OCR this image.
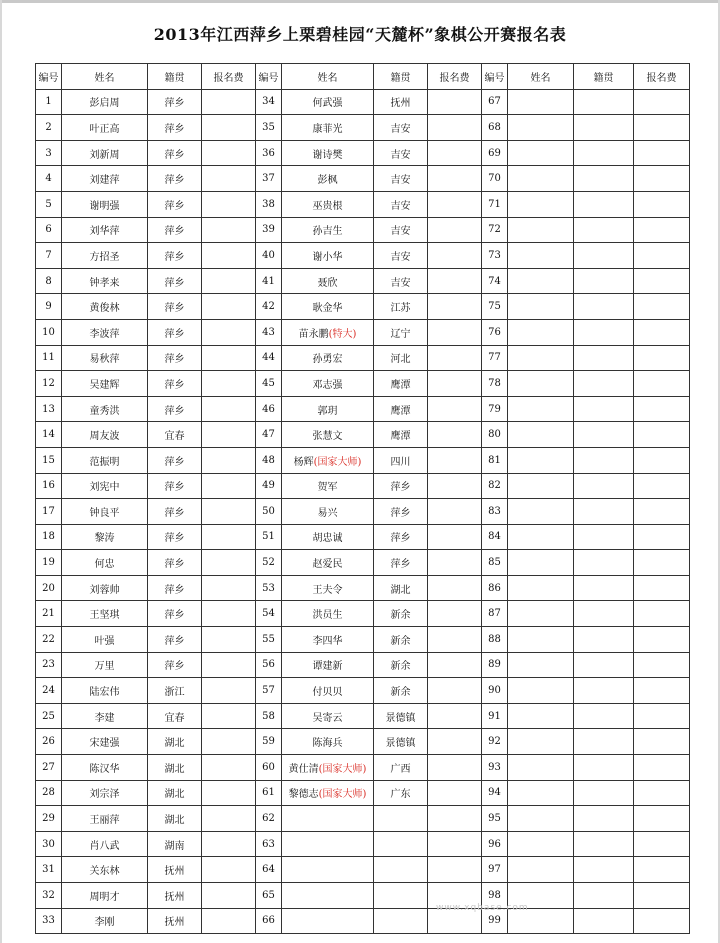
2013年江西萍乡上栗碧桂园“天麓杯”象棋公开赛报名表
编号	姓名	籍贯	报名费	编号	姓名	籍贯	报名费	编号	姓名	籍贯	报名费
1	彭启周	萍乡		34	何武强	抚州		67			
2	叶正高	萍乡		35	康菲光	吉安		68			
3	刘新周	萍乡		36	谢诗樊	吉安		69			
4	刘建萍	萍乡		37	彭枫	吉安		70			
5	谢明强	萍乡		38	巫贵根	吉安		71			
6	刘华萍	萍乡		39	孙吉生	吉安		72			
7	方招圣	萍乡		40	谢小华	吉安		73			
8	钟孝来	萍乡		41	聂欣	吉安		74			
9	黄俊林	萍乡		42	耿金华	江苏		75			
10	李波萍	萍乡		43	苗永鹏(特大)	辽宁		76			
11	易秋萍	萍乡		44	孙勇宏	河北		77			
12	吴建辉	萍乡		45	邓志强	鹰潭		78			
13	童秀洪	萍乡		46	郭玥	鹰潭		79			
14	周友波	宜春		47	张慧文	鹰潭		80			
15	范振明	萍乡		48	杨辉(国家大师)	四川		81			
16	刘宪中	萍乡		49	贺军	萍乡		82			
17	钟良平	萍乡		50	易兴	萍乡		83			
18	黎涛	萍乡		51	胡忠诚	萍乡		84			
19	何忠	萍乡		52	赵爱民	萍乡		85			
20	刘蓉帅	萍乡		53	王夫令	湖北		86			
21	王坚琪	萍乡		54	洪员生	新余		87			
22	叶强	萍乡		55	李四华	新余		88			
23	万里	萍乡		56	谭建新	新余		89			
24	陆宏伟	浙江		57	付贝贝	新余		90			
25	李建	宜春		58	吴寄云	景德镇		91			
26	宋建强	湖北		59	陈海兵	景德镇		92			
27	陈汉华	湖北		60	黄仕清(国家大师)	广西		93			
28	刘宗泽	湖北		61	黎德志(国家大师)	广东		94			
29	王丽萍	湖北		62				95			
30	肖八武	湖南		63				96			
31	关东林	抚州		64				97			
32	周明才	抚州		65				98			
33	李刚	抚州		66				99			
www.xqbase.com
